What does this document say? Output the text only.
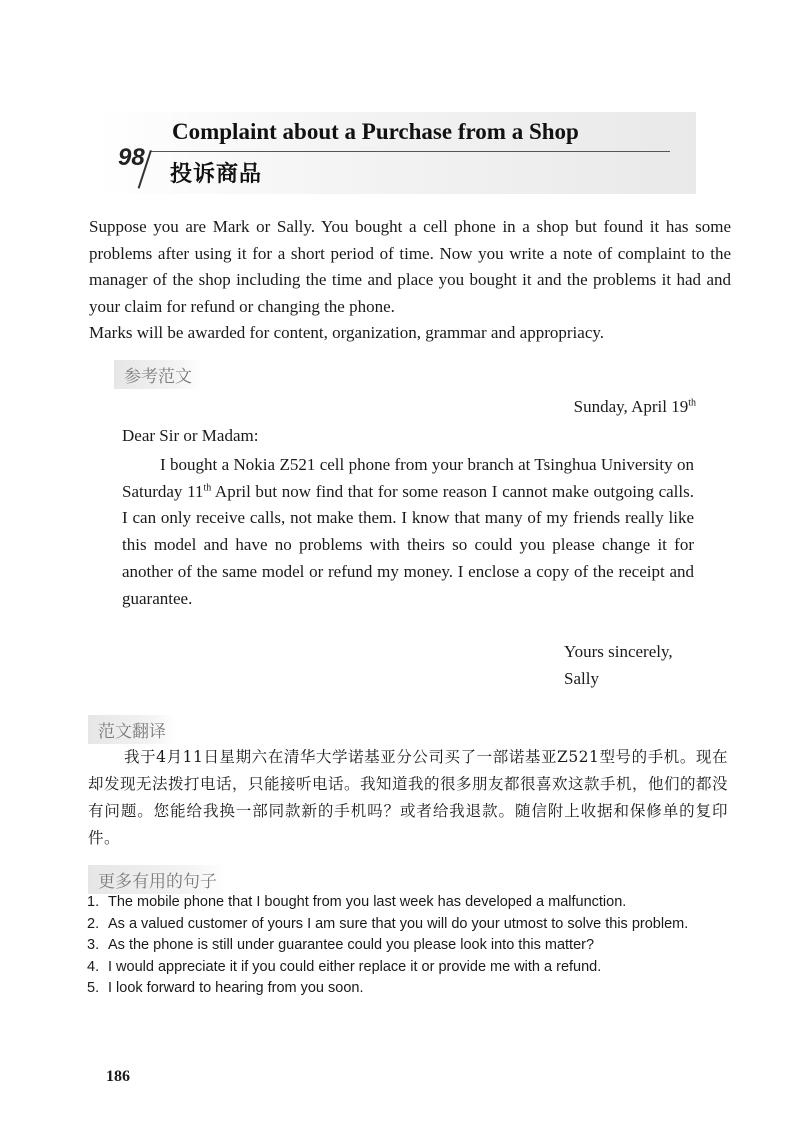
98
Complaint about a Purchase from a Shop
投诉商品

Suppose you are Mark or Sally. You bought a cell phone in a shop but found it has some problems after using it for a short period of time. Now you write a note of complaint to the manager of the shop including the time and place you bought it and the problems it had and your claim for refund or changing the phone.

Marks will be awarded for content, organization, grammar and appropriacy.

参考范文
Sunday, April 19th
Dear Sir or Madam:

I bought a Nokia Z521 cell phone from your branch at Tsinghua University on Saturday 11th April but now find that for some reason I cannot make outgoing calls. I can only receive calls, not make them. I know that many of my friends really like this model and have no problems with theirs so could you please change it for another of the same model or refund my money. I enclose a copy of the receipt and guarantee.

Yours sincerely,
Sally
范文翻译

我于4月11日星期六在清华大学诺基亚分公司买了一部诺基亚Z521型号的手机。现在却发现无法拨打电话，只能接听电话。我知道我的很多朋友都很喜欢这款手机，他们的都没有问题。您能给我换一部同款新的手机吗？或者给我退款。随信附上收据和保修单的复印件。

更多有用的句子
1. The mobile phone that I bought from you last week has developed a malfunction.
2. As a valued customer of yours I am sure that you will do your utmost to solve this problem.
3. As the phone is still under guarantee could you please look into this matter?
4. I would appreciate it if you could either replace it or provide me with a refund.
5. I look forward to hearing from you soon.
186
